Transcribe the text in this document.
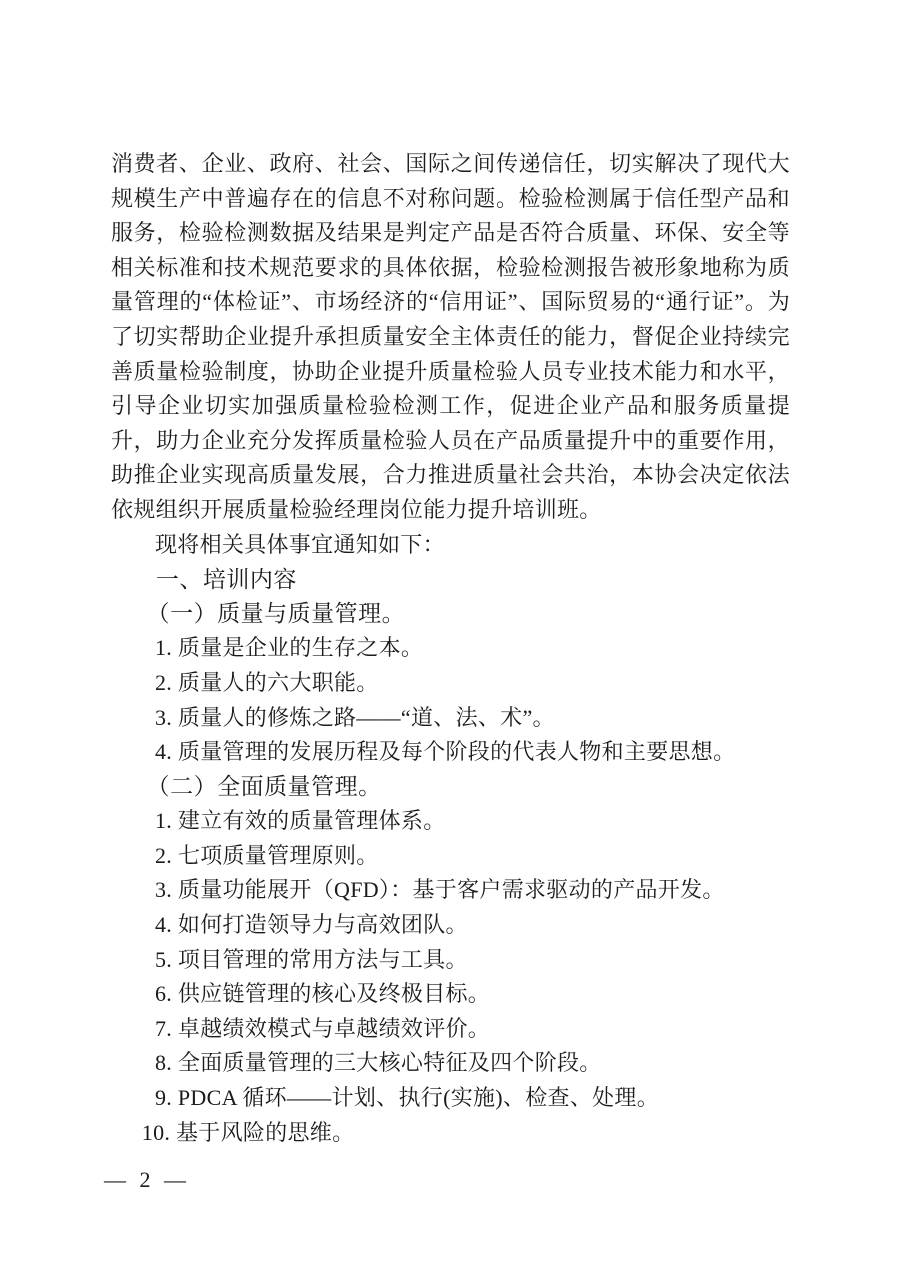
消费者、企业、政府、社会、国际之间传递信任，切实解决了现代大规模生产中普遍存在的信息不对称问题。检验检测属于信任型产品和服务，检验检测数据及结果是判定产品是否符合质量、环保、安全等相关标准和技术规范要求的具体依据，检验检测报告被形象地称为质量管理的“体检证”、市场经济的“信用证”、国际贸易的“通行证”。为了切实帮助企业提升承担质量安全主体责任的能力，督促企业持续完善质量检验制度，协助企业提升质量检验人员专业技术能力和水平，引导企业切实加强质量检验检测工作，促进企业产品和服务质量提升，助力企业充分发挥质量检验人员在产品质量提升中的重要作用，助推企业实现高质量发展，合力推进质量社会共治，本协会决定依法依规组织开展质量检验经理岗位能力提升培训班。

现将相关具体事宜通知如下：

一、培训内容
（一）质量与质量管理。

1. 质量是企业的生存之本。

2. 质量人的六大职能。

3. 质量人的修炼之路——“道、法、术”。

4. 质量管理的发展历程及每个阶段的代表人物和主要思想。

（二）全面质量管理。

1. 建立有效的质量管理体系。

2. 七项质量管理原则。

3. 质量功能展开（QFD）：基于客户需求驱动的产品开发。

4. 如何打造领导力与高效团队。

5. 项目管理的常用方法与工具。

6. 供应链管理的核心及终极目标。

7. 卓越绩效模式与卓越绩效评价。

8. 全面质量管理的三大核心特征及四个阶段。

9. PDCA 循环——计划、执行(实施)、检查、处理。

10. 基于风险的思维。

— 2 —
